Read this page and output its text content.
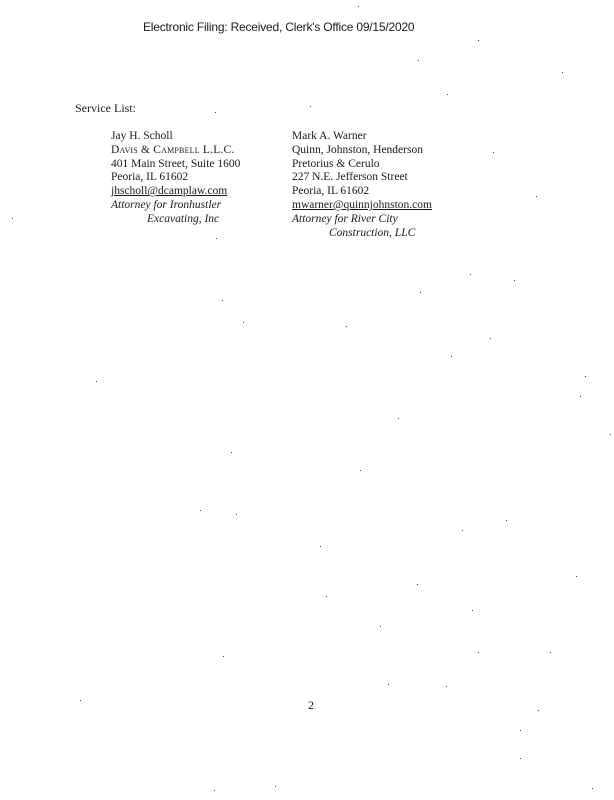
Electronic Filing: Received, Clerk's Office 09/15/2020
Service List:
Jay H. Scholl
Davis & Campbell L.L.C.
401 Main Street, Suite 1600
Peoria, IL 61602
jhscholl@dcamplaw.com
Attorney for Ironhustler
Excavating, Inc
Mark A. Warner
Quinn, Johnston, Henderson
Pretorius & Cerulo
227 N.E. Jefferson Street
Peoria, IL 61602
mwarner@quinnjohnston.com
Attorney for River City
Construction, LLC
2
